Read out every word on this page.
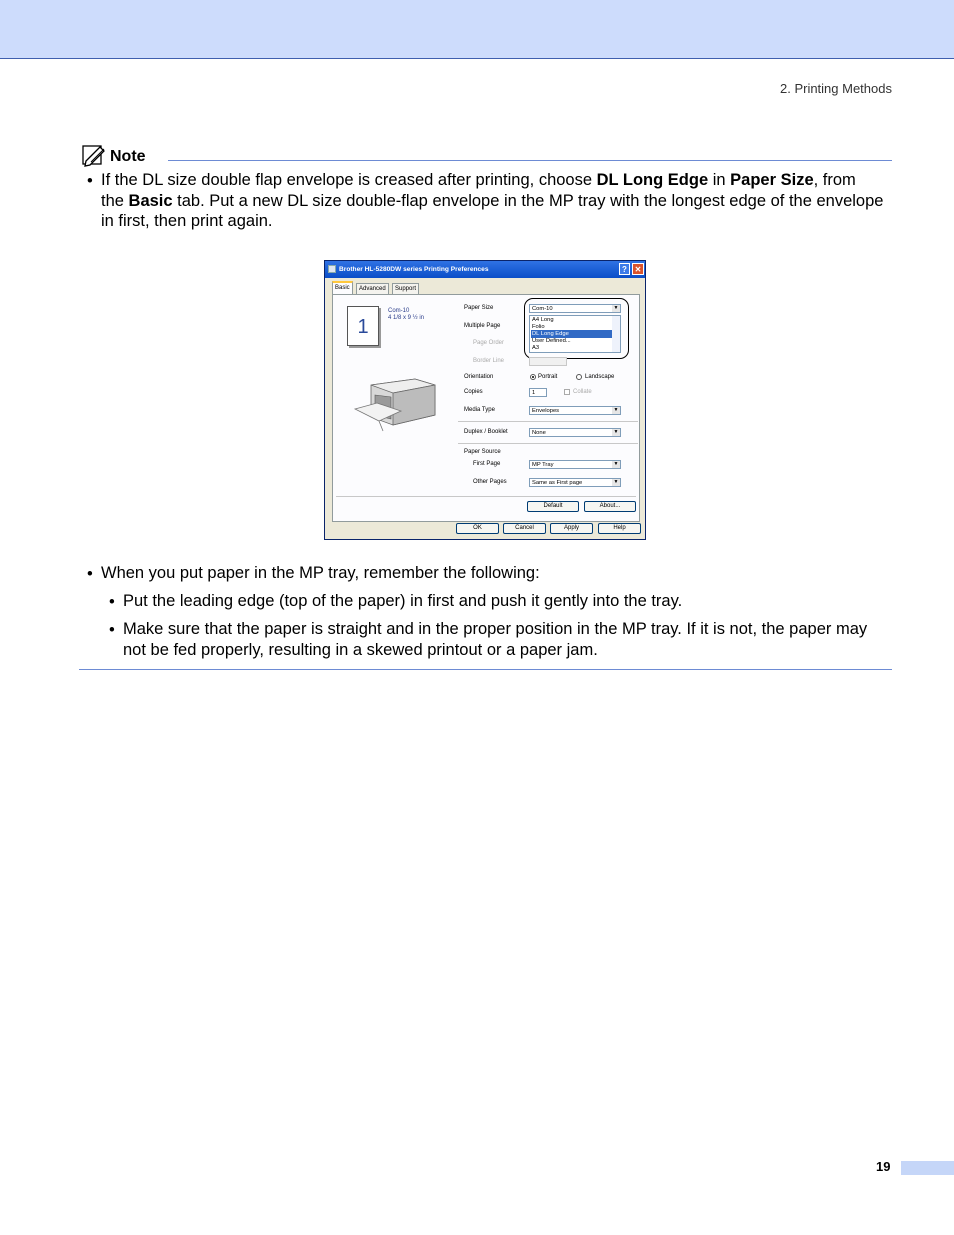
2. Printing Methods
Note
• If the DL size double flap envelope is creased after printing, choose DL Long Edge in Paper Size, from
the Basic tab. Put a new DL size double-flap envelope in the MP tray with the longest edge of the envelope
in first, then print again.
Brother HL-5280DW series Printing Preferences	? ✕
Basic	Advanced	Support
1
Com-10
4 1/8 x 9 ½ in
Paper Size	Com-10	▼
A4 Long
Folio
DL Long Edge
User Defined...
A3
Multiple Page
Page Order
Border Line
Orientation	Portrait	Landscape
Copies	1	Collate
Media Type	Envelopes	▼
Duplex / Booklet	None	▼
Paper Source
First Page	MP Tray	▼
Other Pages	Same as First page	▼
Default	About...
OK	Cancel	Apply	Help
• When you put paper in the MP tray, remember the following:
• Put the leading edge (top of the paper) in first and push it gently into the tray.
• Make sure that the paper is straight and in the proper position in the MP tray. If it is not, the paper may
not be fed properly, resulting in a skewed printout or a paper jam.
19
